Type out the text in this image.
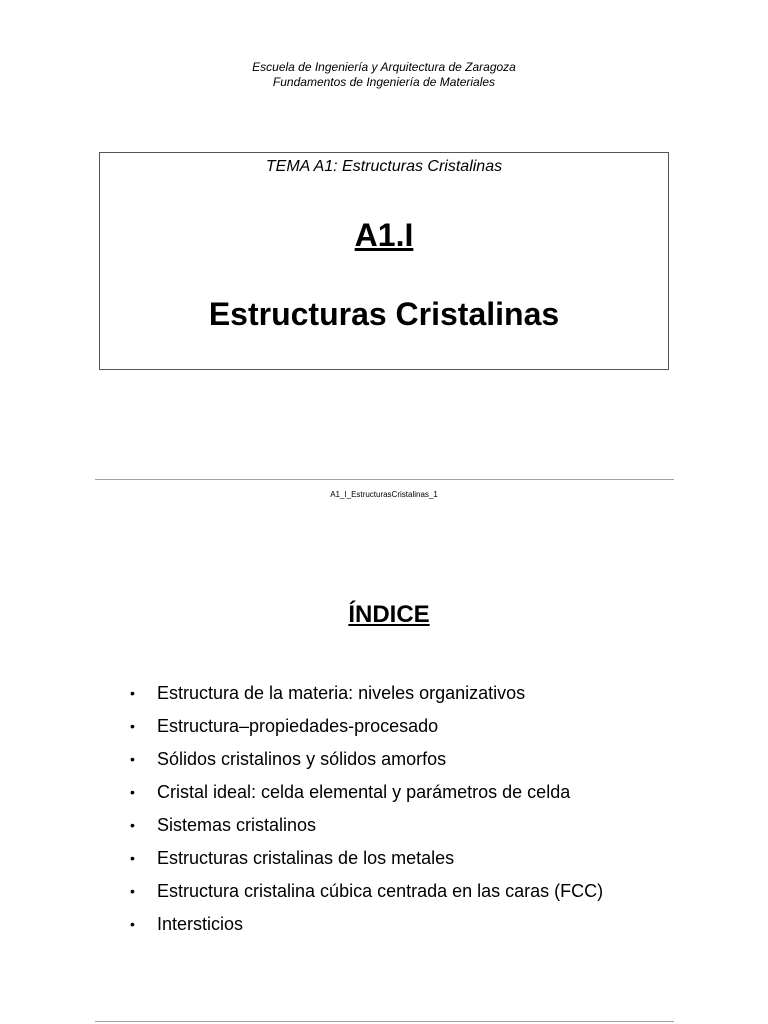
Escuela de Ingeniería y Arquitectura de Zaragoza
Fundamentos de Ingeniería de Materiales
TEMA A1: Estructuras Cristalinas
A1.I
Estructuras Cristalinas
A1_I_EstructurasCristalinas_1
ÍNDICE
• Estructura de la materia: niveles organizativos
• Estructura–propiedades-procesado
• Sólidos cristalinos y sólidos amorfos
• Cristal ideal: celda elemental y parámetros de celda
• Sistemas cristalinos
• Estructuras cristalinas de los metales
• Estructura cristalina cúbica centrada en las caras (FCC)
• Intersticios
